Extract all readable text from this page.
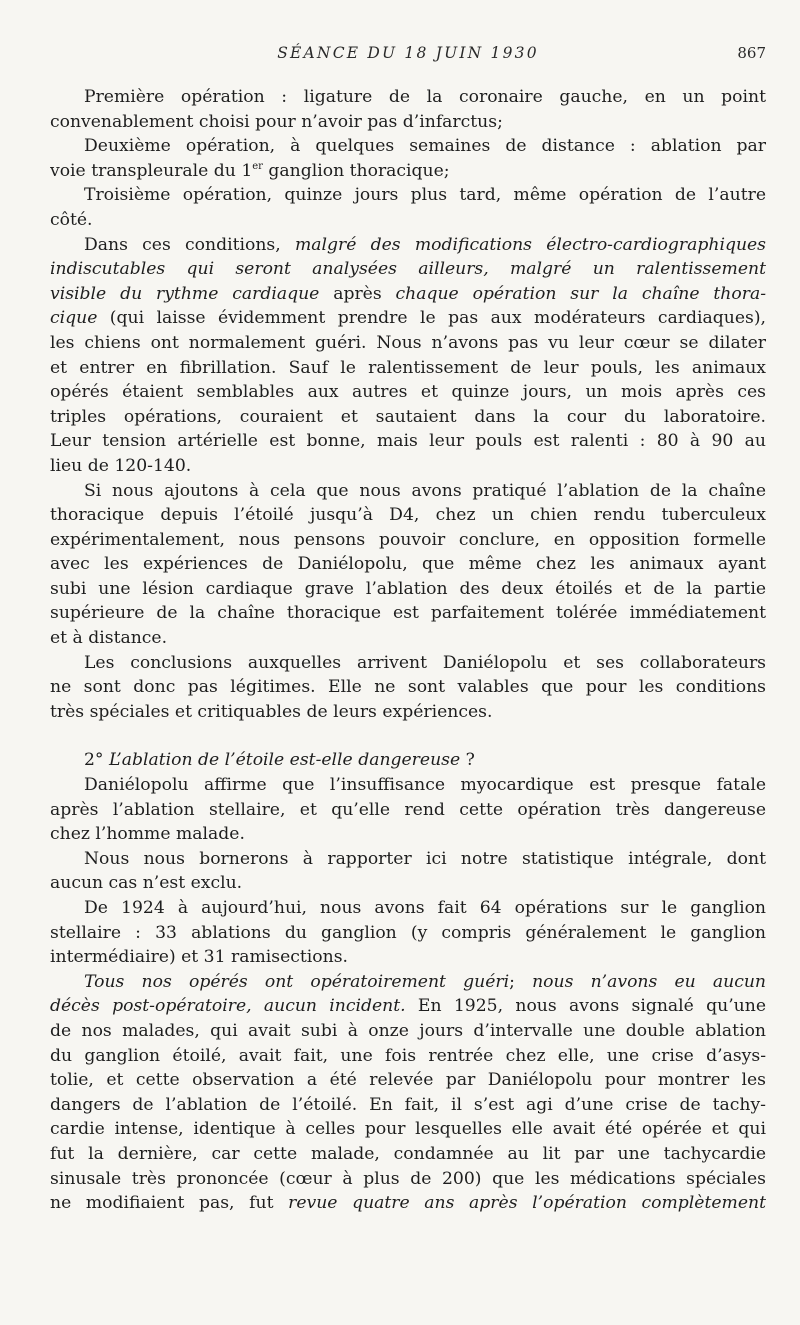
SÉANCE DU 18 JUIN 1930	867
Première opération : ligature de la coronaire gauche, en un point
convenablement choisi pour n’avoir pas d’infarctus;
Deuxième opération, à quelques semaines de distance : ablation par
voie transpleurale du 1er ganglion thoracique;
Troisième opération, quinze jours plus tard, même opération de l’autre
côté.
Dans ces conditions, malgré des modifications électro-cardiographiques
indiscutables qui seront analysées ailleurs, malgré un ralentissement
visible du rythme cardiaque après chaque opération sur la chaîne thora-
cique (qui laisse évidemment prendre le pas aux modérateurs cardiaques),
les chiens ont normalement guéri. Nous n’avons pas vu leur cœur se dilater
et entrer en fibrillation. Sauf le ralentissement de leur pouls, les animaux
opérés étaient semblables aux autres et quinze jours, un mois après ces
triples opérations, couraient et sautaient dans la cour du laboratoire.
Leur tension artérielle est bonne, mais leur pouls est ralenti : 80 à 90 au
lieu de 120-140.
Si nous ajoutons à cela que nous avons pratiqué l’ablation de la chaîne
thoracique depuis l’étoilé jusqu’à D4, chez un chien rendu tuberculeux
expérimentalement, nous pensons pouvoir conclure, en opposition formelle
avec les expériences de Daniélopolu, que même chez les animaux ayant
subi une lésion cardiaque grave l’ablation des deux étoilés et de la partie
supérieure de la chaîne thoracique est parfaitement tolérée immédiatement
et à distance.
Les conclusions auxquelles arrivent Daniélopolu et ses collaborateurs
ne sont donc pas légitimes. Elle ne sont valables que pour les conditions
très spéciales et critiquables de leurs expériences.
2° L’ablation de l’étoile est-elle dangereuse ?
Daniélopolu affirme que l’insuffisance myocardique est presque fatale
après l’ablation stellaire, et qu’elle rend cette opération très dangereuse
chez l’homme malade.
Nous nous bornerons à rapporter ici notre statistique intégrale, dont
aucun cas n’est exclu.
De 1924 à aujourd’hui, nous avons fait 64 opérations sur le ganglion
stellaire : 33 ablations du ganglion (y compris généralement le ganglion
intermédiaire) et 31 ramisections.
Tous nos opérés ont opératoirement guéri; nous n’avons eu aucun
décès post-opératoire, aucun incident. En 1925, nous avons signalé qu’une
de nos malades, qui avait subi à onze jours d’intervalle une double ablation
du ganglion étoilé, avait fait, une fois rentrée chez elle, une crise d’asys-
tolie, et cette observation a été relevée par Daniélopolu pour montrer les
dangers de l’ablation de l’étoilé. En fait, il s’est agi d’une crise de tachy-
cardie intense, identique à celles pour lesquelles elle avait été opérée et qui
fut la dernière, car cette malade, condamnée au lit par une tachycardie
sinusale très prononcée (cœur à plus de 200) que les médications spéciales
ne modifiaient pas, fut revue quatre ans après l’opération complètement
